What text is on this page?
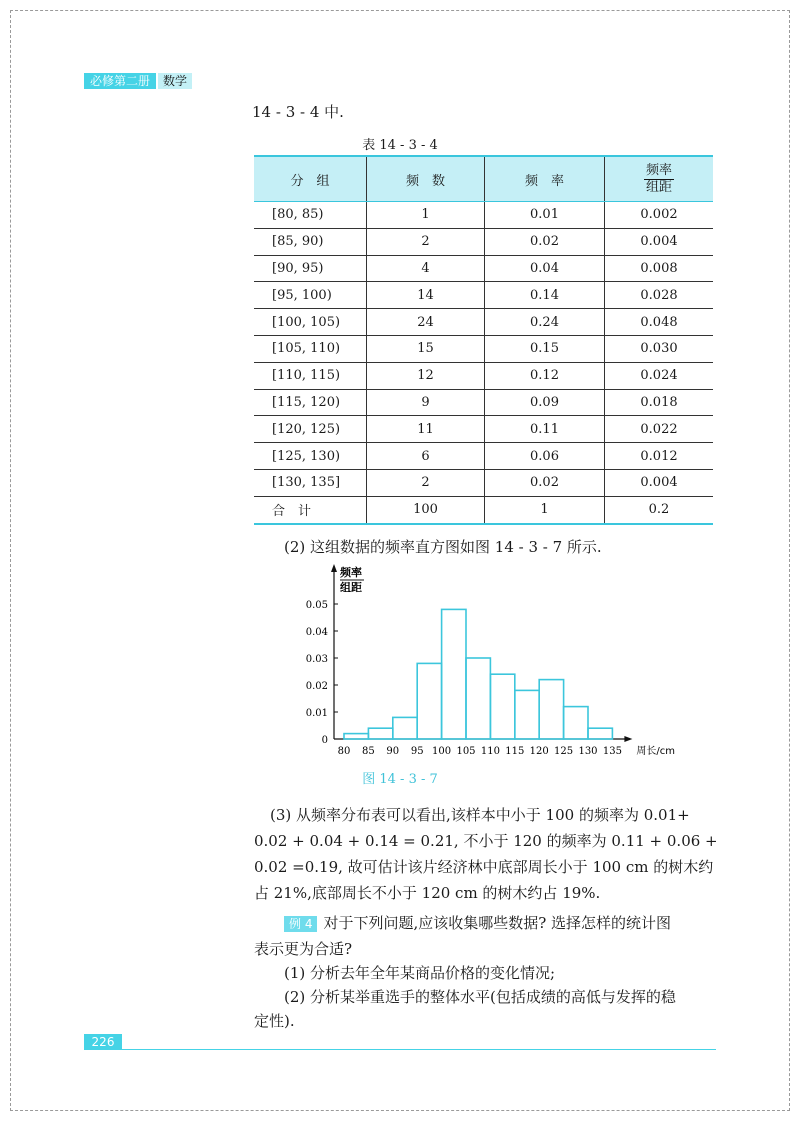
必修第二册	数学
14 - 3 - 4 中.
表 14 - 3 - 4
分　组	频　数	频　率	$\frac{\text{频率}}{\text{组距}}$

[80, 85)	1	0.01	0.002
[85, 90)	2	0.02	0.004
[90, 95)	4	0.04	0.008
[95, 100)	14	0.14	0.028
[100, 105)	24	0.24	0.048
[105, 110)	15	0.15	0.030
[110, 115)	12	0.12	0.024
[115, 120)	9	0.09	0.018
[120, 125)	11	0.11	0.022
[125, 130)	6	0.06	0.012
[130, 135]	2	0.02	0.004
合　计	100	1	0.2

(2) 这组数据的频率直方图如图 14 - 3 - 7 所示.

频率
组距
0
0.01
0.02
0.03
0.04
0.05
80 85 90 95 100 105 110 115 120 125 130 135 周长/cm
图 14 - 3 - 7

(3) 从频率分布表可以看出,该样本中小于 100 的频率为 0.01+

0.02 + 0.04 + 0.14 = 0.21, 不小于 120 的频率为 0.11 + 0.06 +

0.02 =0.19, 故可估计该片经济林中底部周长小于 100 cm 的树木约

占 21%,底部周长不小于 120 cm 的树木约占 19%.

例 4 对于下列问题,应该收集哪些数据? 选择怎样的统计图

表示更为合适?

(1) 分析去年全年某商品价格的变化情况;

(2) 分析某举重选手的整体水平(包括成绩的高低与发挥的稳

定性).

226
